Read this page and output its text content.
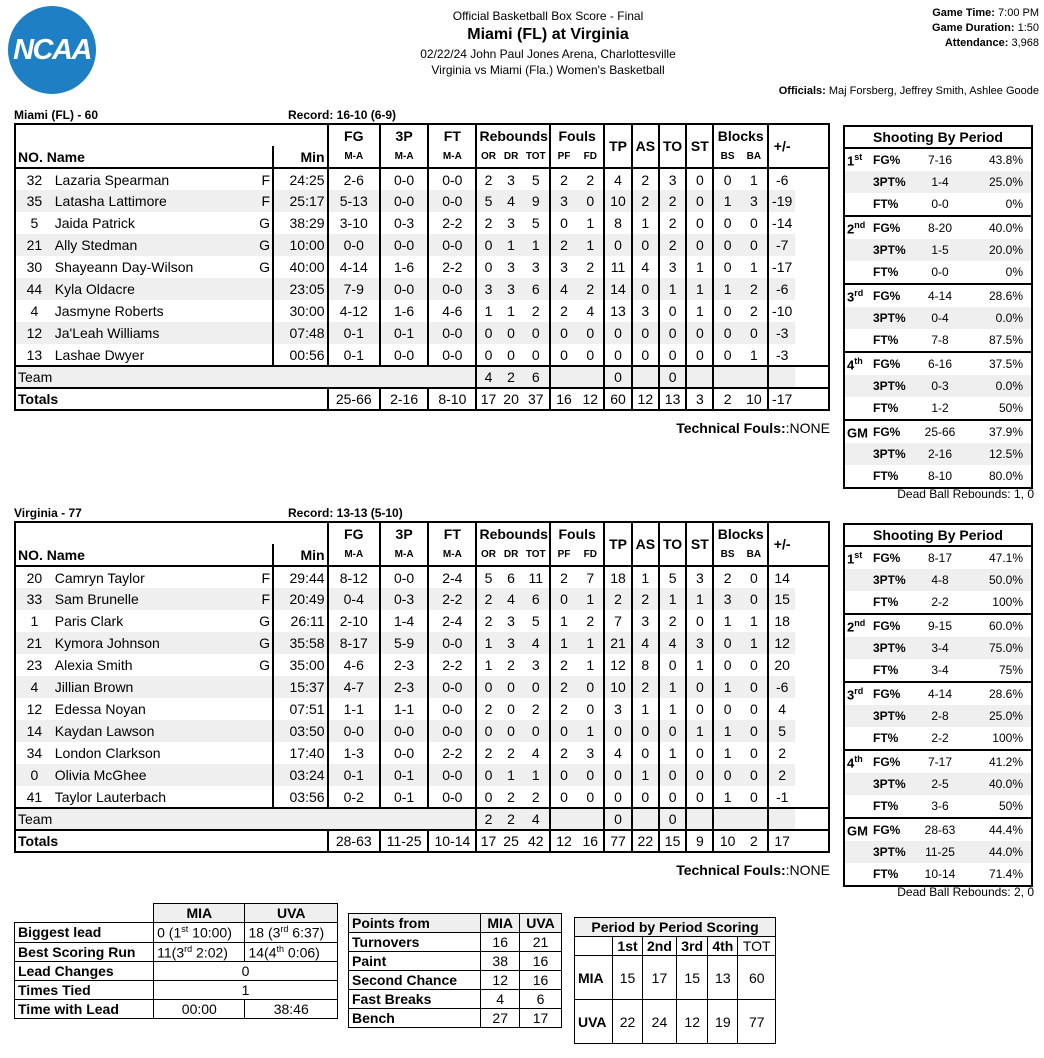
NCAA
Official Basketball Box Score - Final
Miami (FL) at Virginia
02/22/24 John Paul Jones Arena, Charlottesville
Virginia vs Miami (Fla.) Women's Basketball
Game Time: 7:00 PM
Game Duration: 1:50
Attendance: 3,968
Officials: Maj Forsberg, Jeffrey Smith, Ashlee Goode
Miami (FL) - 60	Record: 16-10 (6-9)
			FG	3P	FT	Rebounds			Fouls		TP	AS	TO	ST	Blocks		+/-
NO. Name		Min	M-A	M-A	M-A	OR	DR	TOT	PF	FD					BS	BA	
32	Lazaria Spearman F	24:25	2-6	0-0	0-0	2	3	5	2	2	4	2	3	0	0	1	-6
35	Latasha Lattimore F	25:17	5-13	0-0	0-0	5	4	9	3	0	10	2	2	0	1	3	-19
5	Jaida Patrick G	38:29	3-10	0-3	2-2	2	3	5	0	1	8	1	2	0	0	0	-14
21	Ally Stedman G	10:00	0-0	0-0	0-0	0	1	1	2	1	0	0	2	0	0	0	-7
30	Shayeann Day-Wilson G	40:00	4-14	1-6	2-2	0	3	3	3	2	11	4	3	1	0	1	-17
44	Kyla Oldacre	23:05	7-9	0-0	0-0	3	3	6	4	2	14	0	1	1	1	2	-6
4	Jasmyne Roberts	30:00	4-12	1-6	4-6	1	1	2	2	4	13	3	0	1	0	2	-10
12	Ja'Leah Williams	07:48	0-1	0-1	0-0	0	0	0	0	0	0	0	0	0	0	0	-3
13	Lashae Dwyer	00:56	0-1	0-0	0-0	0	0	0	0	0	0	0	0	0	0	1	-3
Team						4	2	6			0		0				
Totals			25-66	2-16	8-10	17	20	37	16	12	60	12	13	3	2	10	-17
Technical Fouls::NONE
Shooting By Period
1st FG%	7-16	43.8%
3PT%	1-4	25.0%
FT%	0-0	0%
2nd FG%	8-20	40.0%
3PT%	1-5	20.0%
FT%	0-0	0%
3rd FG%	4-14	28.6%
3PT%	0-4	0.0%
FT%	7-8	87.5%
4th FG%	6-16	37.5%
3PT%	0-3	0.0%
FT%	1-2	50%
GM FG%	25-66	37.9%
3PT%	2-16	12.5%
FT%	8-10	80.0%
Dead Ball Rebounds: 1, 0
Virginia - 77	Record: 13-13 (5-10)
			FG	3P	FT	Rebounds			Fouls		TP	AS	TO	ST	Blocks		+/-
NO. Name		Min	M-A	M-A	M-A	OR	DR	TOT	PF	FD					BS	BA	
20	Camryn Taylor F	29:44	8-12	0-0	2-4	5	6	11	2	7	18	1	5	3	2	0	14
33	Sam Brunelle F	20:49	0-4	0-3	2-2	2	4	6	0	1	2	2	1	1	3	0	15
1	Paris Clark G	26:11	2-10	1-4	2-4	2	3	5	1	2	7	3	2	0	1	1	18
21	Kymora Johnson G	35:58	8-17	5-9	0-0	1	3	4	1	1	21	4	4	3	0	1	12
23	Alexia Smith G	35:00	4-6	2-3	2-2	1	2	3	2	1	12	8	0	1	0	0	20
4	Jillian Brown	15:37	4-7	2-3	0-0	0	0	0	2	0	10	2	1	0	1	0	-6
12	Edessa Noyan	07:51	1-1	1-1	0-0	2	0	2	2	0	3	1	1	0	0	0	4
14	Kaydan Lawson	03:50	0-0	0-0	0-0	0	0	0	0	1	0	0	0	1	1	0	5
34	London Clarkson	17:40	1-3	0-0	2-2	2	2	4	2	3	4	0	1	0	1	0	2
0	Olivia McGhee	03:24	0-1	0-1	0-0	0	1	1	0	0	0	1	0	0	0	0	2
41	Taylor Lauterbach	03:56	0-2	0-1	0-0	0	2	2	0	0	0	0	0	0	1	0	-1
Team						2	2	4			0		0				
Totals			28-63	11-25	10-14	17	25	42	12	16	77	22	15	9	10	2	17
Technical Fouls::NONE
Shooting By Period
1st FG%	8-17	47.1%
3PT%	4-8	50.0%
FT%	2-2	100%
2nd FG%	9-15	60.0%
3PT%	3-4	75.0%
FT%	3-4	75%
3rd FG%	4-14	28.6%
3PT%	2-8	25.0%
FT%	2-2	100%
4th FG%	7-17	41.2%
3PT%	2-5	40.0%
FT%	3-6	50%
GM FG%	28-63	44.4%
3PT%	11-25	44.0%
FT%	10-14	71.4%
Dead Ball Rebounds: 2, 0
	MIA	UVA
Biggest lead	0 (1st 10:00)	18 (3rd 6:37)
Best Scoring Run	11(3rd 2:02)	14(4th 0:06)
Lead Changes	0	
Times Tied	1	
Time with Lead	00:00	38:46
Points from	MIA	UVA
Turnovers	16	21
Paint	38	16
Second Chance	12	16
Fast Breaks	4	6
Bench	27	17
Period by Period Scoring					
	1st	2nd	3rd	4th	TOT
MIA	15	17	15	13	60
UVA	22	24	12	19	77
